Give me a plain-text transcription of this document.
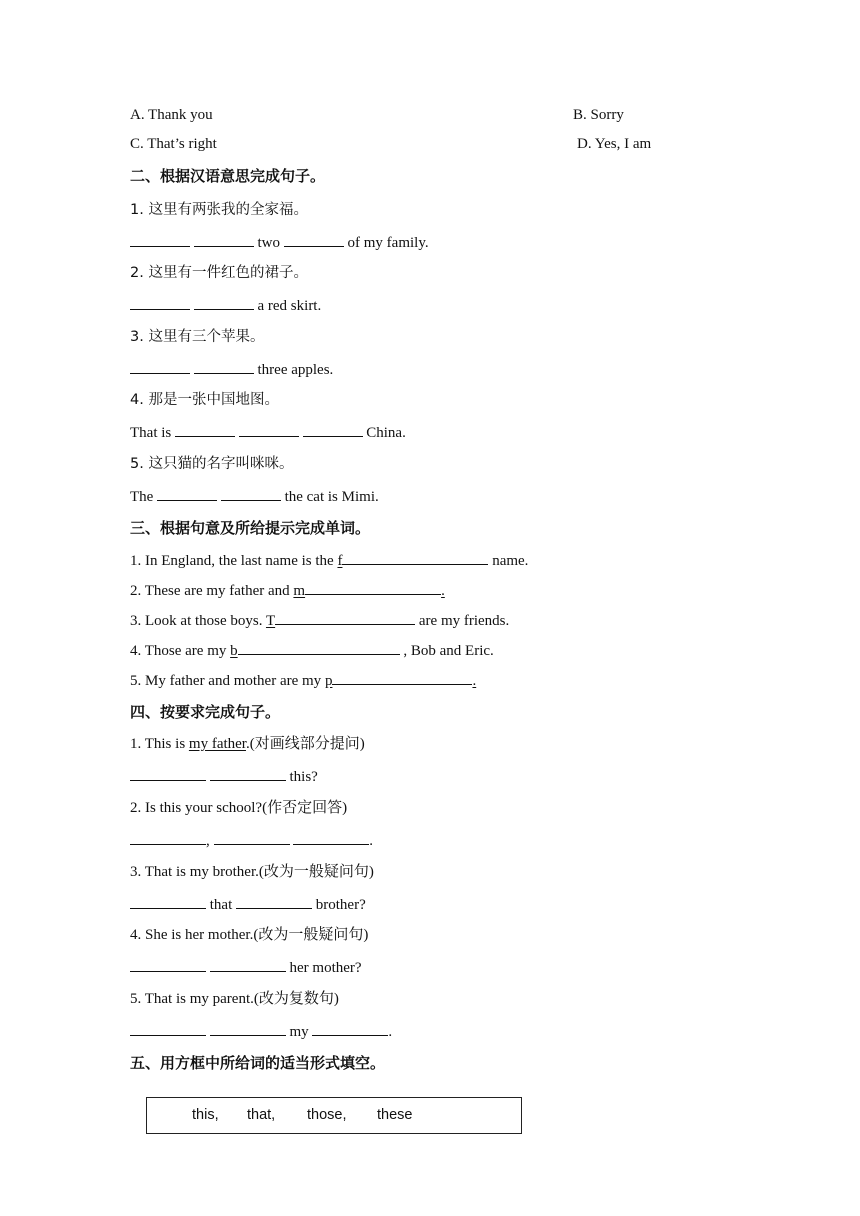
A. Thank you	B. Sorry
C. That’s right	D. Yes, I am
二、根据汉语意思完成句子。
1. 这里有两张我的全家福。
two	of my family.
2. 这里有一件红色的裙子。
a red skirt.
3. 这里有三个苹果。
three apples.
4. 那是一张中国地图。
That is	China.
5. 这只猫的名字叫咪咪。
The	the cat is Mimi.
三、根据句意及所给提示完成单词。
1. In England, the last name is the f	name.
2. These are my father and m	.
3. Look at those boys. T	are my friends.
4. Those are my b	, Bob and Eric.
5. My father and mother are my p	.
四、按要求完成句子。
1. This is my father.(对画线部分提问)
this?
2. Is this your school?(作否定回答)
,	.
3. That is my brother.(改为一般疑问句)
that	brother?
4. She is her mother.(改为一般疑问句)
her mother?
5. That is my parent.(改为复数句)
my	.
五、用方框中所给词的适当形式填空。
this, that, those, these
